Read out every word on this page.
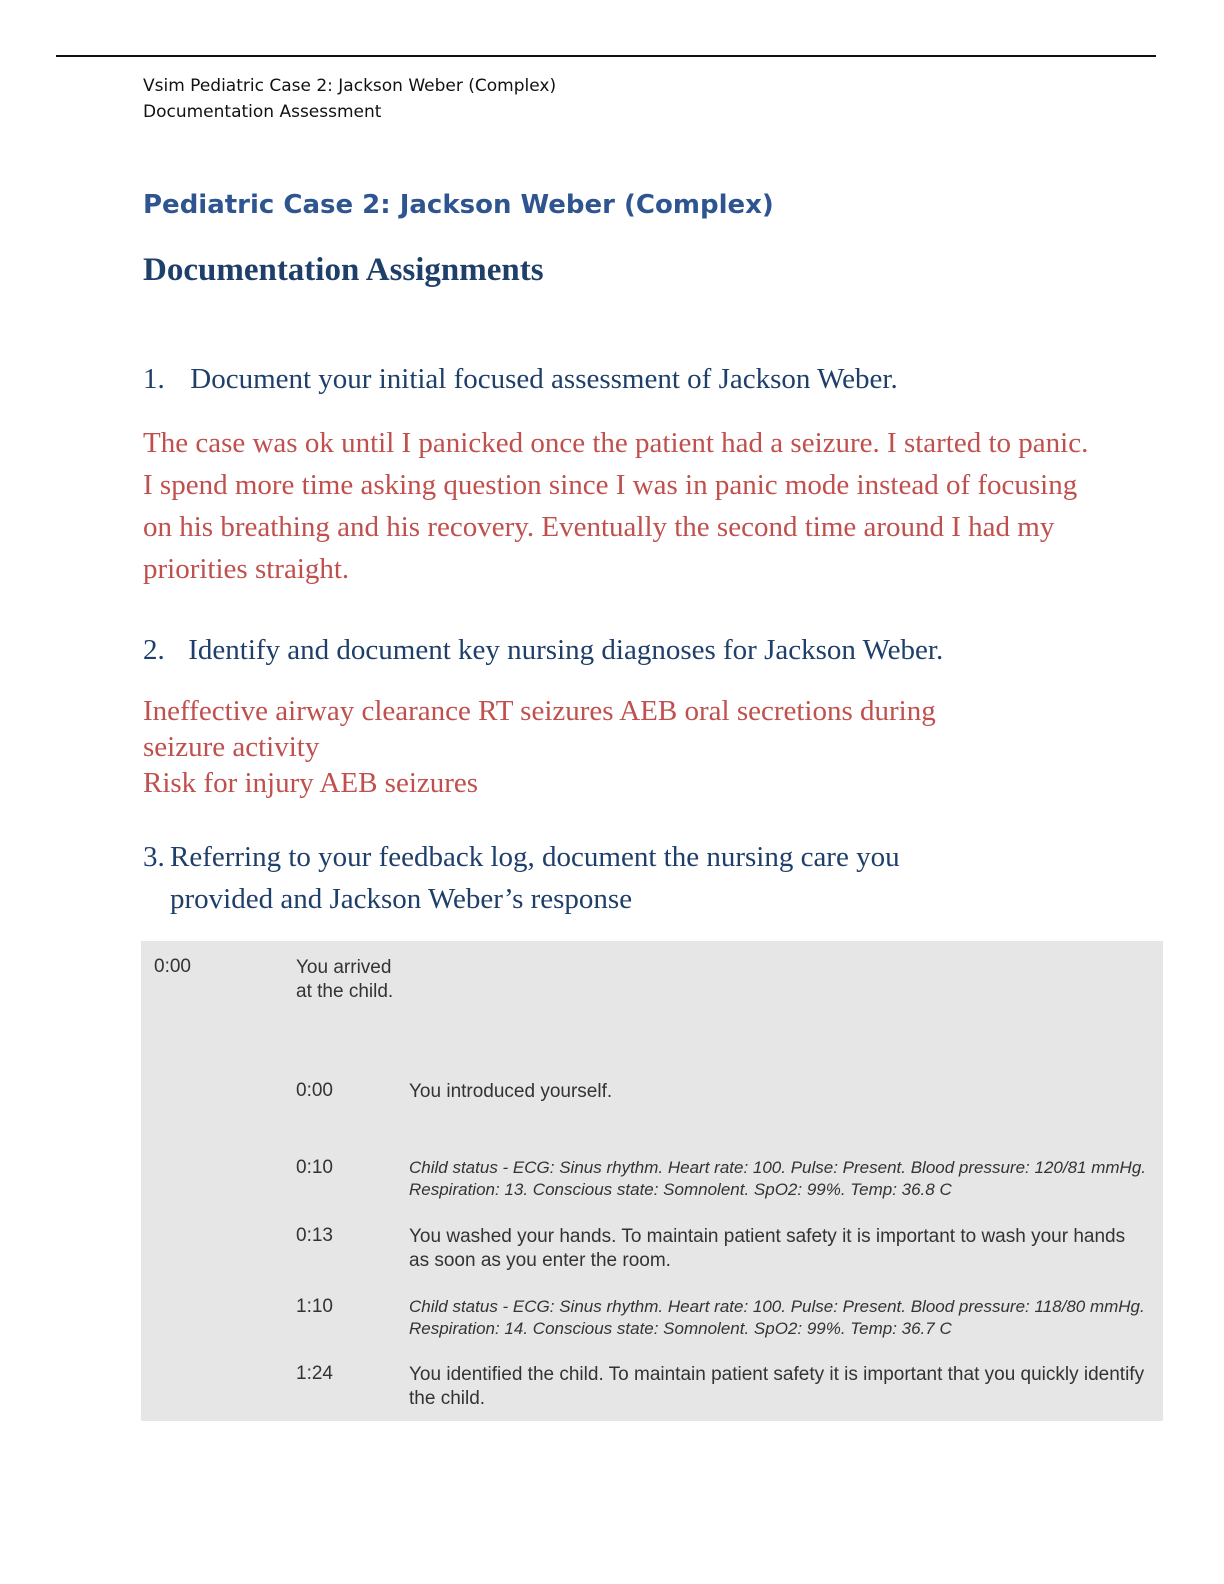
Vsim Pediatric Case 2: Jackson Weber (Complex)
Documentation Assessment
Pediatric Case 2: Jackson Weber (Complex)
Documentation Assignments
1. Document your initial focused assessment of Jackson Weber.
The case was ok until I panicked once the patient had a seizure. I started to panic. I spend more time asking question since I was in panic mode instead of focusing on his breathing and his recovery. Eventually the second time around I had my priorities straight.
2. Identify and document key nursing diagnoses for Jackson Weber.
Ineffective airway clearance RT seizures AEB oral secretions during
seizure activity
Risk for injury AEB seizures
3. Referring to your feedback log, document the nursing care you
provided and Jackson Weber’s response
0:00	You arrived at the child.
0:00	You introduced yourself.
0:10	Child status - ECG: Sinus rhythm. Heart rate: 100. Pulse: Present. Blood pressure: 120/81 mmHg. Respiration: 13. Conscious state: Somnolent. SpO2: 99%. Temp: 36.8 C
0:13	You washed your hands. To maintain patient safety it is important to wash your hands as soon as you enter the room.
1:10	Child status - ECG: Sinus rhythm. Heart rate: 100. Pulse: Present. Blood pressure: 118/80 mmHg. Respiration: 14. Conscious state: Somnolent. SpO2: 99%. Temp: 36.7 C
1:24	You identified the child. To maintain patient safety it is important that you quickly identify the child.
